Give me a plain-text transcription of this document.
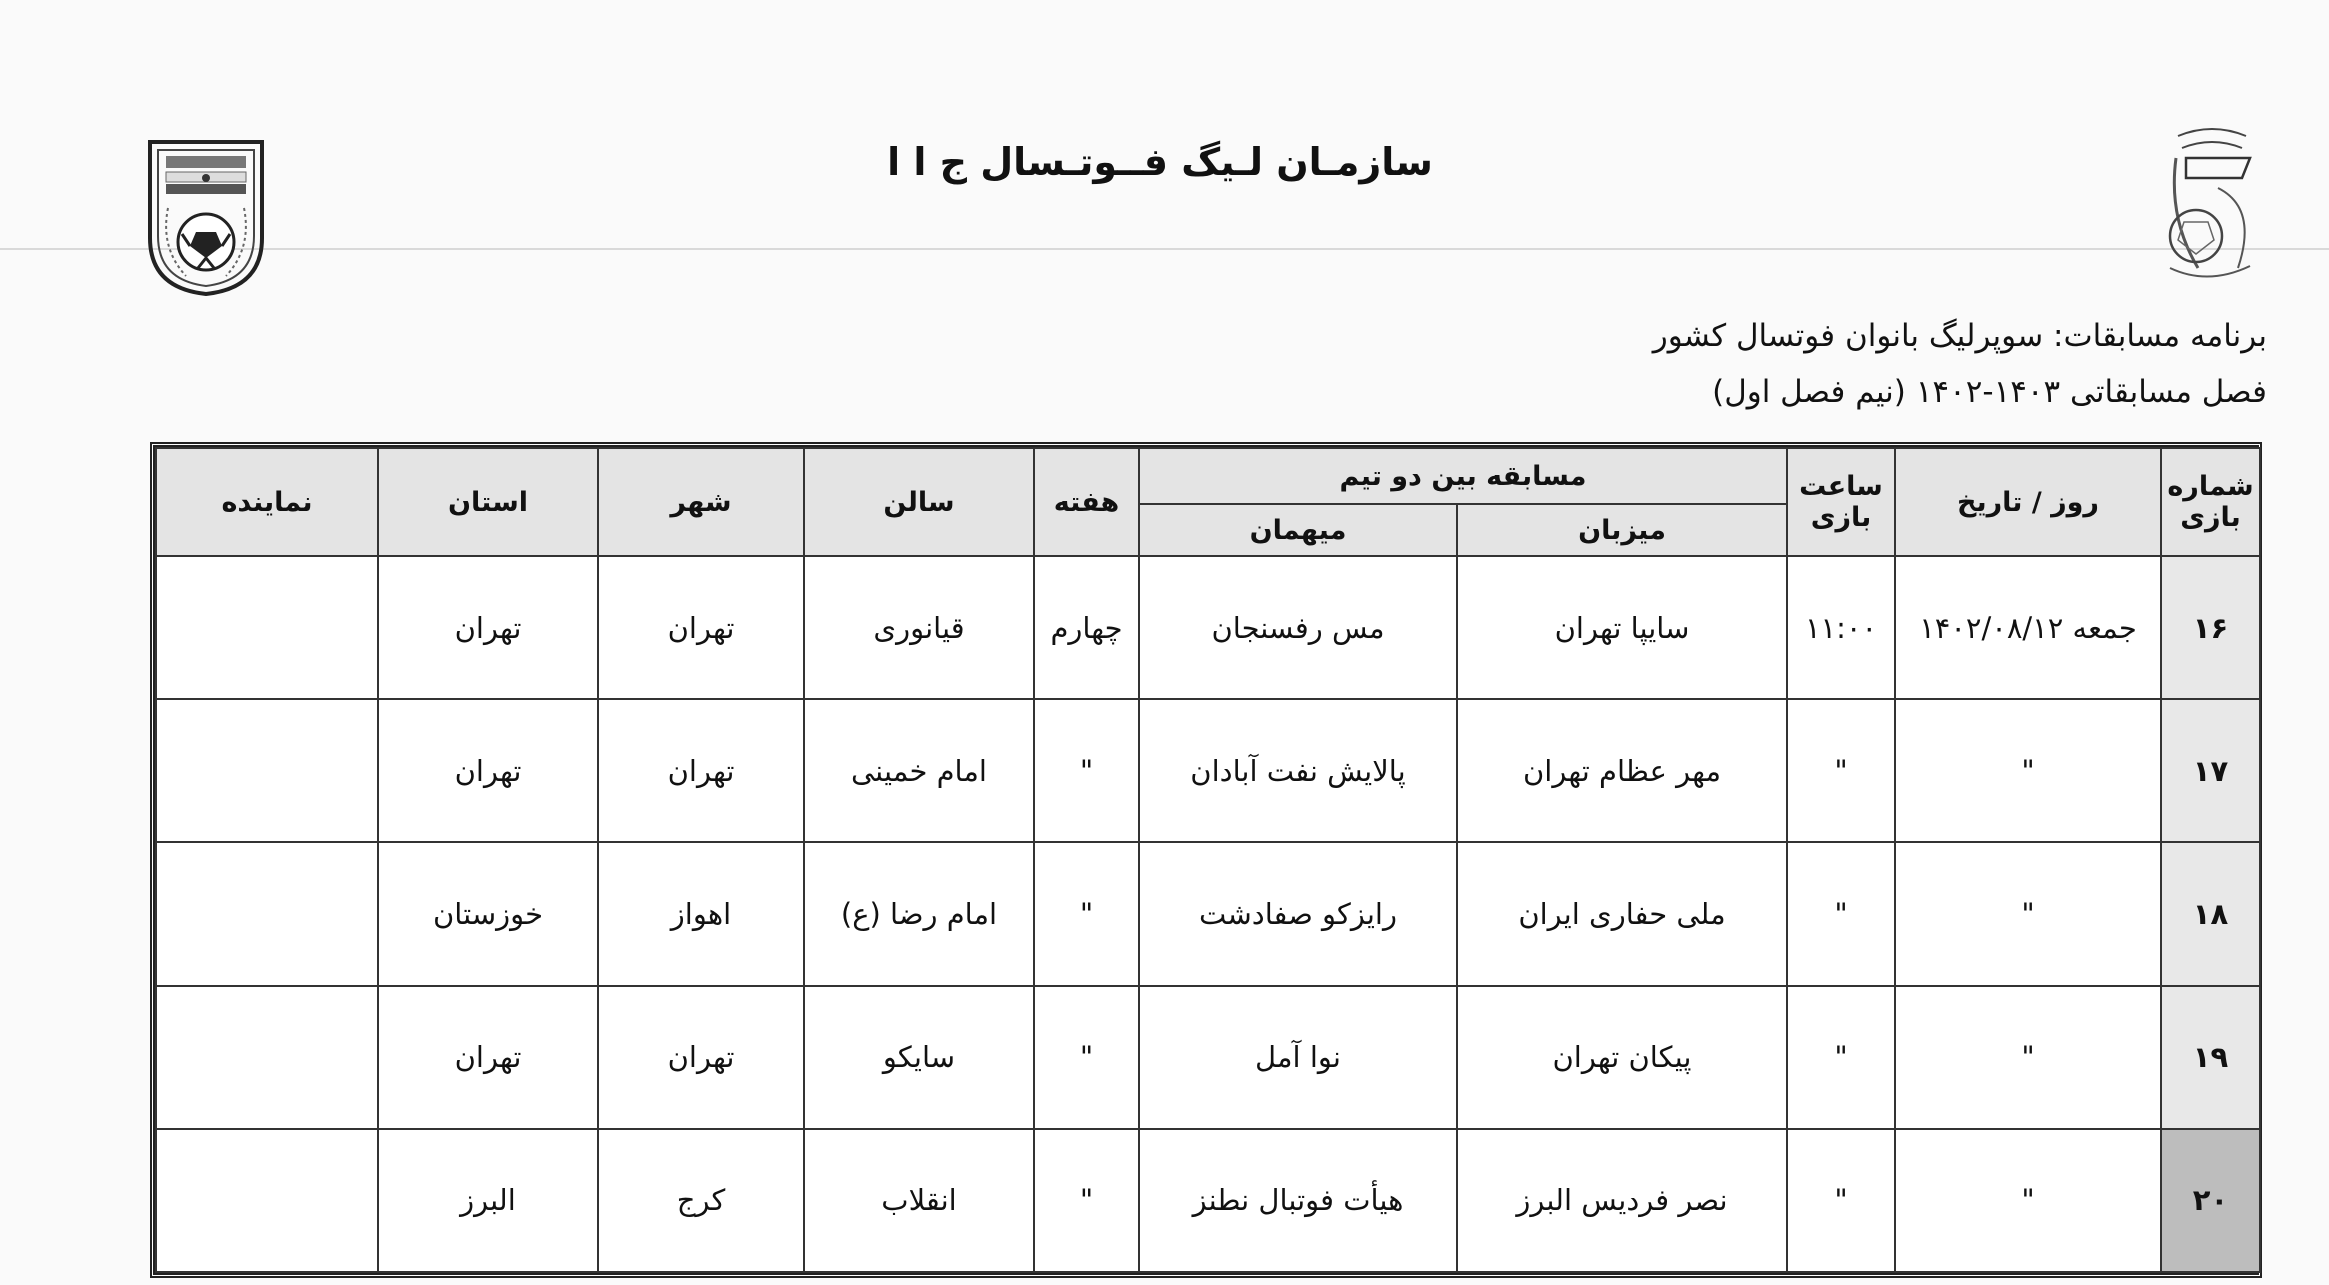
سازمـان لـیگ فــوتـسال ج ا ا
برنامه مسابقات: سوپرلیگ بانوان فوتسال کشور
فصل مسابقاتی ۱۴۰۳-۱۴۰۲ (نیم فصل اول)
شماره بازی	روز / تاریخ	ساعت بازی	مسابقه بین دو تیم		هفته	سالن	شهر	استان	نماینده
			میزبان	میهمان					
۱۶	جمعه ۱۴۰۲/۰۸/۱۲	۱۱:۰۰	سایپا تهران	مس رفسنجان	چهارم	قیانوری	تهران	تهران	
۱۷	"	"	مهر عظام تهران	پالایش نفت آبادان	"	امام خمینی	تهران	تهران	
۱۸	"	"	ملی حفاری ایران	رایزکو صفادشت	"	امام رضا (ع)	اهواز	خوزستان	
۱۹	"	"	پیکان تهران	نوا آمل	"	سایکو	تهران	تهران	
۲۰	"	"	نصر فردیس البرز	هیأت فوتبال نطنز	"	انقلاب	کرج	البرز	
